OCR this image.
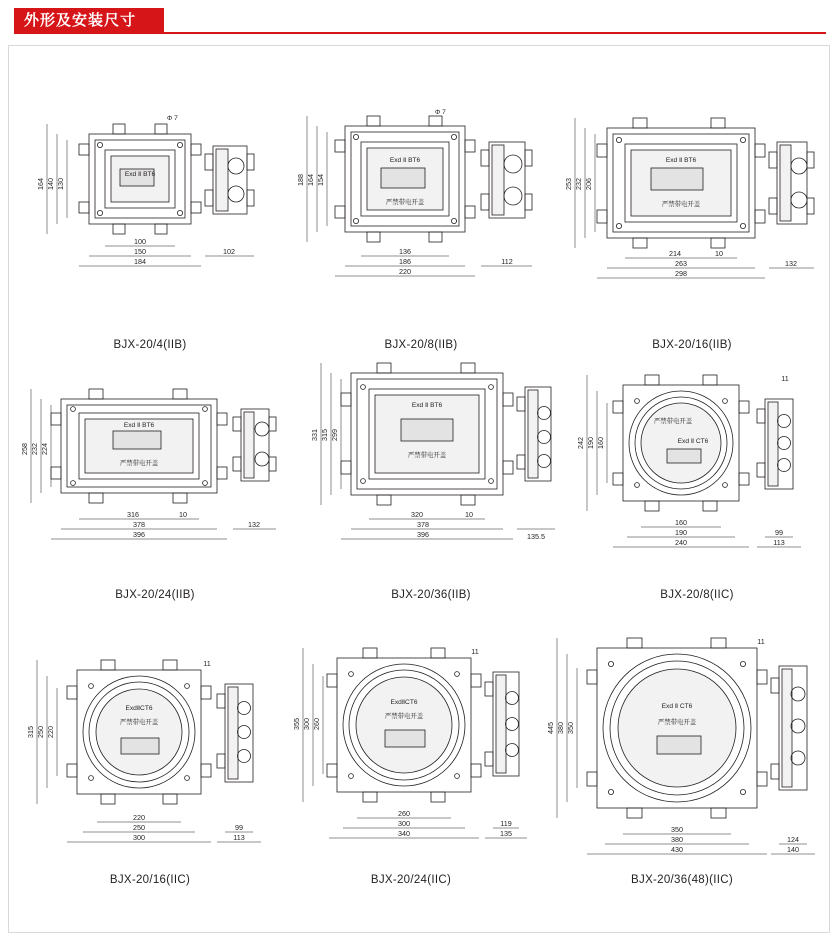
外形及安装尺寸
164 140 130
100
150
184
102
Φ 7
Exd Ⅱ BT6
BJX-20/4(IIB)
188 164 154
136
186
220
112
Φ 7
Exd Ⅱ BT6
严禁带电开盖
BJX-20/8(IIB)
253 232 206
214	10
263
298
132
Exd Ⅱ BT6
严禁带电开盖
BJX-20/16(IIB)
258 232 224
316	10
378
396
132
Exd Ⅱ BT6
严禁带电开盖
BJX-20/24(IIB)
331 315 299
320	10
378
396	135.5
Exd Ⅱ BT6
严禁带电开盖
BJX-20/36(IIB)
242 190 160
160
190
240
99
113
11
Exd Ⅱ CT6
严禁带电开盖
BJX-20/8(IIC)
315 250 220
220
250
300
99
113
11
ExdⅡCT6
严禁带电开盖
BJX-20/16(IIC)
355 300 260
260
300
340
119
135
11
ExdⅡCT6
严禁带电开盖
BJX-20/24(IIC)
445 380 350
350
380
430
124
140
11
Exd Ⅱ CT6
严禁带电开盖
BJX-20/36(48)(IIC)
